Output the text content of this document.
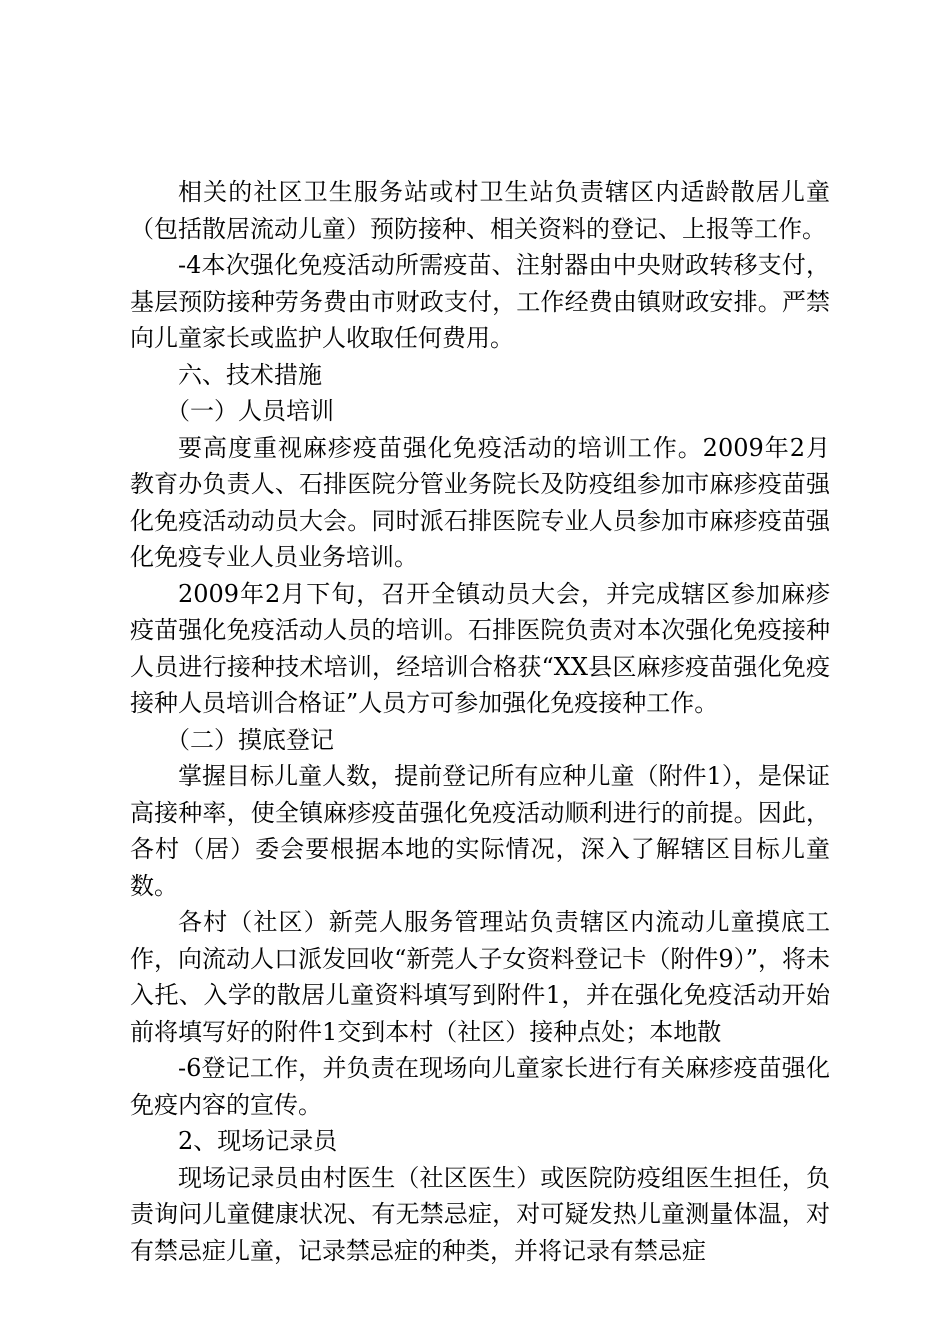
相关的社区卫生服务站或村卫生站负责辖区内适龄散居儿童（包括散居流动儿童）预防接种、相关资料的登记、上报等工作。

-4本次强化免疫活动所需疫苗、注射器由中央财政转移支付，基层预防接种劳务费由市财政支付，工作经费由镇财政安排。严禁向儿童家长或监护人收取任何费用。

六、技术措施

（一）人员培训

要高度重视麻疹疫苗强化免疫活动的培训工作。2009年2月教育办负责人、石排医院分管业务院长及防疫组参加市麻疹疫苗强化免疫活动动员大会。同时派石排医院专业人员参加市麻疹疫苗强化免疫专业人员业务培训。

2009年2月下旬，召开全镇动员大会，并完成辖区参加麻疹疫苗强化免疫活动人员的培训。石排医院负责对本次强化免疫接种人员进行接种技术培训，经培训合格获“XX县区麻疹疫苗强化免疫接种人员培训合格证”人员方可参加强化免疫接种工作。

（二）摸底登记

掌握目标儿童人数，提前登记所有应种儿童（附件1），是保证高接种率，使全镇麻疹疫苗强化免疫活动顺利进行的前提。因此，各村（居）委会要根据本地的实际情况，深入了解辖区目标儿童数。

各村（社区）新莞人服务管理站负责辖区内流动儿童摸底工作，向流动人口派发回收“新莞人子女资料登记卡（附件9）”，将未入托、入学的散居儿童资料填写到附件1，并在强化免疫活动开始前将填写好的附件1交到本村（社区）接种点处；本地散

-6登记工作，并负责在现场向儿童家长进行有关麻疹疫苗强化免疫内容的宣传。

2、现场记录员

现场记录员由村医生（社区医生）或医院防疫组医生担任，负责询问儿童健康状况、有无禁忌症，对可疑发热儿童测量体温，对有禁忌症儿童，记录禁忌症的种类，并将记录有禁忌症
